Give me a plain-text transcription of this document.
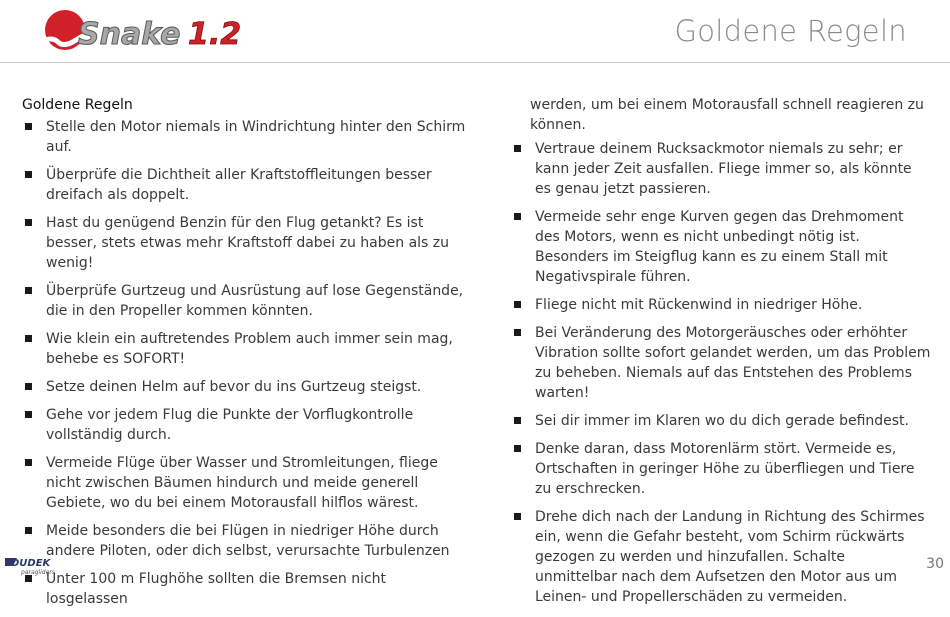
Snake 1.2	Goldene Regeln
Goldene Regeln
Stelle den Motor niemals in Windrichtung hinter den Schirm auf.
Überprüfe die Dichtheit aller Kraftstoffleitungen besser dreifach als doppelt.
Hast du genügend Benzin für den Flug getankt? Es ist besser, stets etwas mehr Kraftstoff dabei zu haben als zu wenig!
Überprüfe Gurtzeug und Ausrüstung auf lose Gegenstände, die in den Propeller kommen könnten.
Wie klein ein auftretendes Problem auch immer sein mag, behebe es SOFORT!
Setze deinen Helm auf bevor du ins Gurtzeug steigst.
Gehe vor jedem Flug die Punkte der Vorflugkontrolle vollständig durch.
Vermeide Flüge über Wasser und Stromleitungen, fliege nicht zwischen Bäumen hindurch und meide generell Gebiete, wo du bei einem Motorausfall hilflos wärest.
Meide besonders die bei Flügen in niedriger Höhe durch andere Piloten, oder dich selbst, verursachte Turbulenzen
Unter 100 m Flughöhe sollten die Bremsen nicht losgelassen
werden, um bei einem Motorausfall schnell reagieren zu können.
Vertraue deinem Rucksackmotor niemals zu sehr; er kann jeder Zeit ausfallen. Fliege immer so, als könnte es genau jetzt passieren.
Vermeide sehr enge Kurven gegen das Drehmoment des Motors, wenn es nicht unbedingt nötig ist. Besonders im Steigflug kann es zu einem Stall mit Negativspirale führen.
Fliege nicht mit Rückenwind in niedriger Höhe.
Bei Veränderung des Motorgeräusches oder erhöhter Vibration sollte sofort gelandet werden, um das Problem zu beheben. Niemals auf das Entstehen des Problems warten!
Sei dir immer im Klaren wo du dich gerade befindest.
Denke daran, dass Motorenlärm stört. Vermeide es, Ortschaften in geringer Höhe zu überfliegen und Tiere zu erschrecken.
Drehe dich nach der Landung in Richtung des Schirmes ein, wenn die Gefahr besteht, vom Schirm rückwärts gezogen zu werden und hinzufallen. Schalte unmittelbar nach dem Aufsetzen den Motor aus um Leinen- und Propellerschäden zu vermeiden.
DUDEK
paragliders
30
